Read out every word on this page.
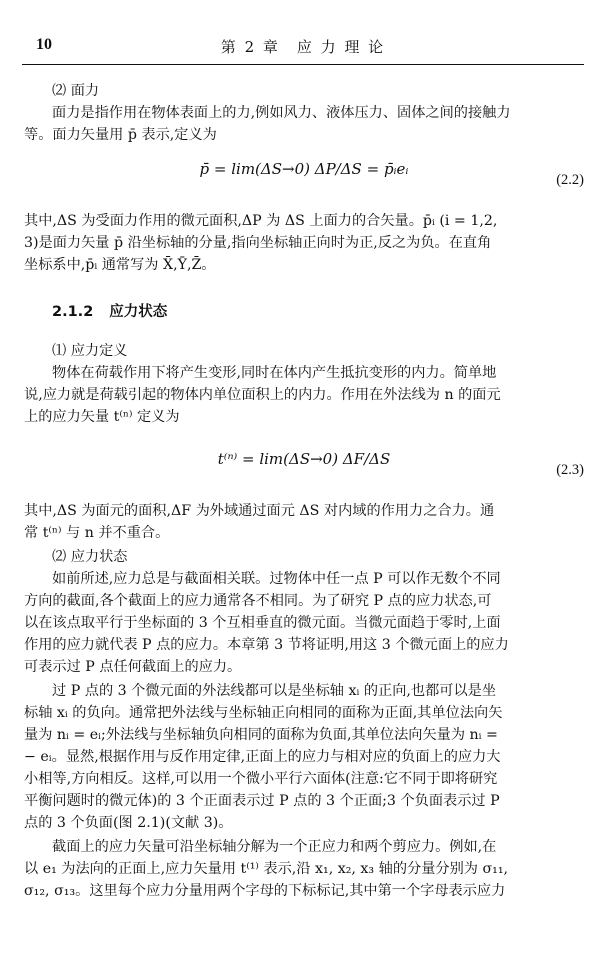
10	第 2 章　应 力 理 论
⑵ 面力
面力是指作用在物体表面上的力,例如风力、液体压力、固体之间的接触力
等。面力矢量用 p̄ 表示,定义为
p̄ = lim(ΔS→0) ΔP/ΔS = p̄ᵢeᵢ
(2.2)
其中,ΔS 为受面力作用的微元面积,ΔP 为 ΔS 上面力的合矢量。p̄ᵢ (i = 1,2,
3)是面力矢量 p̄ 沿坐标轴的分量,指向坐标轴正向时为正,反之为负。在直角
坐标系中,p̄ᵢ 通常写为 X̄,Ȳ,Z̄。
2.1.2 应力状态
⑴ 应力定义
物体在荷载作用下将产生变形,同时在体内产生抵抗变形的内力。简单地
说,应力就是荷载引起的物体内单位面积上的内力。作用在外法线为 n 的面元
上的应力矢量 t⁽ⁿ⁾ 定义为
t⁽ⁿ⁾ = lim(ΔS→0) ΔF/ΔS
(2.3)
其中,ΔS 为面元的面积,ΔF 为外域通过面元 ΔS 对内域的作用力之合力。通
常 t⁽ⁿ⁾ 与 n 并不重合。
⑵ 应力状态
如前所述,应力总是与截面相关联。过物体中任一点 P 可以作无数个不同
方向的截面,各个截面上的应力通常各不相同。为了研究 P 点的应力状态,可
以在该点取平行于坐标面的 3 个互相垂直的微元面。当微元面趋于零时,上面
作用的应力就代表 P 点的应力。本章第 3 节将证明,用这 3 个微元面上的应力
可表示过 P 点任何截面上的应力。
过 P 点的 3 个微元面的外法线都可以是坐标轴 xᵢ 的正向,也都可以是坐
标轴 xᵢ 的负向。通常把外法线与坐标轴正向相同的面称为正面,其单位法向矢
量为 nᵢ = eᵢ;外法线与坐标轴负向相同的面称为负面,其单位法向矢量为 nᵢ =
− eᵢ。显然,根据作用与反作用定律,正面上的应力与相对应的负面上的应力大
小相等,方向相反。这样,可以用一个微小平行六面体(注意:它不同于即将研究
平衡问题时的微元体)的 3 个正面表示过 P 点的 3 个正面;3 个负面表示过 P
点的 3 个负面(图 2.1)(文献 3)。
截面上的应力矢量可沿坐标轴分解为一个正应力和两个剪应力。例如,在
以 e₁ 为法向的正面上,应力矢量用 t⁽¹⁾ 表示,沿 x₁, x₂, x₃ 轴的分量分别为 σ₁₁,
σ₁₂, σ₁₃。这里每个应力分量用两个字母的下标标记,其中第一个字母表示应力
